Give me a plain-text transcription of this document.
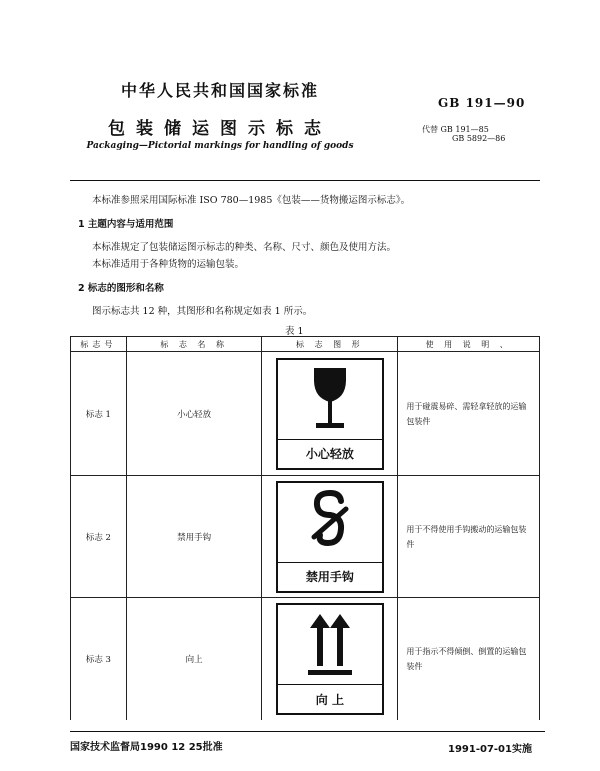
中华人民共和国国家标准
包装储运图示标志
Packaging—Pictorial markings for handling of goods
GB 191—90
代替 GB 191—85
GB 5892—86
本标准参照采用国际标准 ISO 780—1985《包装——货物搬运图示标志》。
1 主题内容与适用范围
本标准规定了包装储运图示标志的种类、名称、尺寸、颜色及使用方法。
本标准适用于各种货物的运输包装。
2 标志的图形和名称
图示标志共 12 种，其图形和名称规定如表 1 所示。
表 1
标志号	标 志 名 称	标 志 图 形	使 用 说 明 、
标志 1	小心轻放	小心轻放	用于碰震易碎、需轻拿轻放的运输包装件
标志 2	禁用手钩	禁用手钩	用于不得使用手钩搬动的运输包装件
标志 3	向上	向 上	用于指示不得倾倒、倒置的运输包装件
国家技术监督局1990 12 25批准	1991-07-01实施
